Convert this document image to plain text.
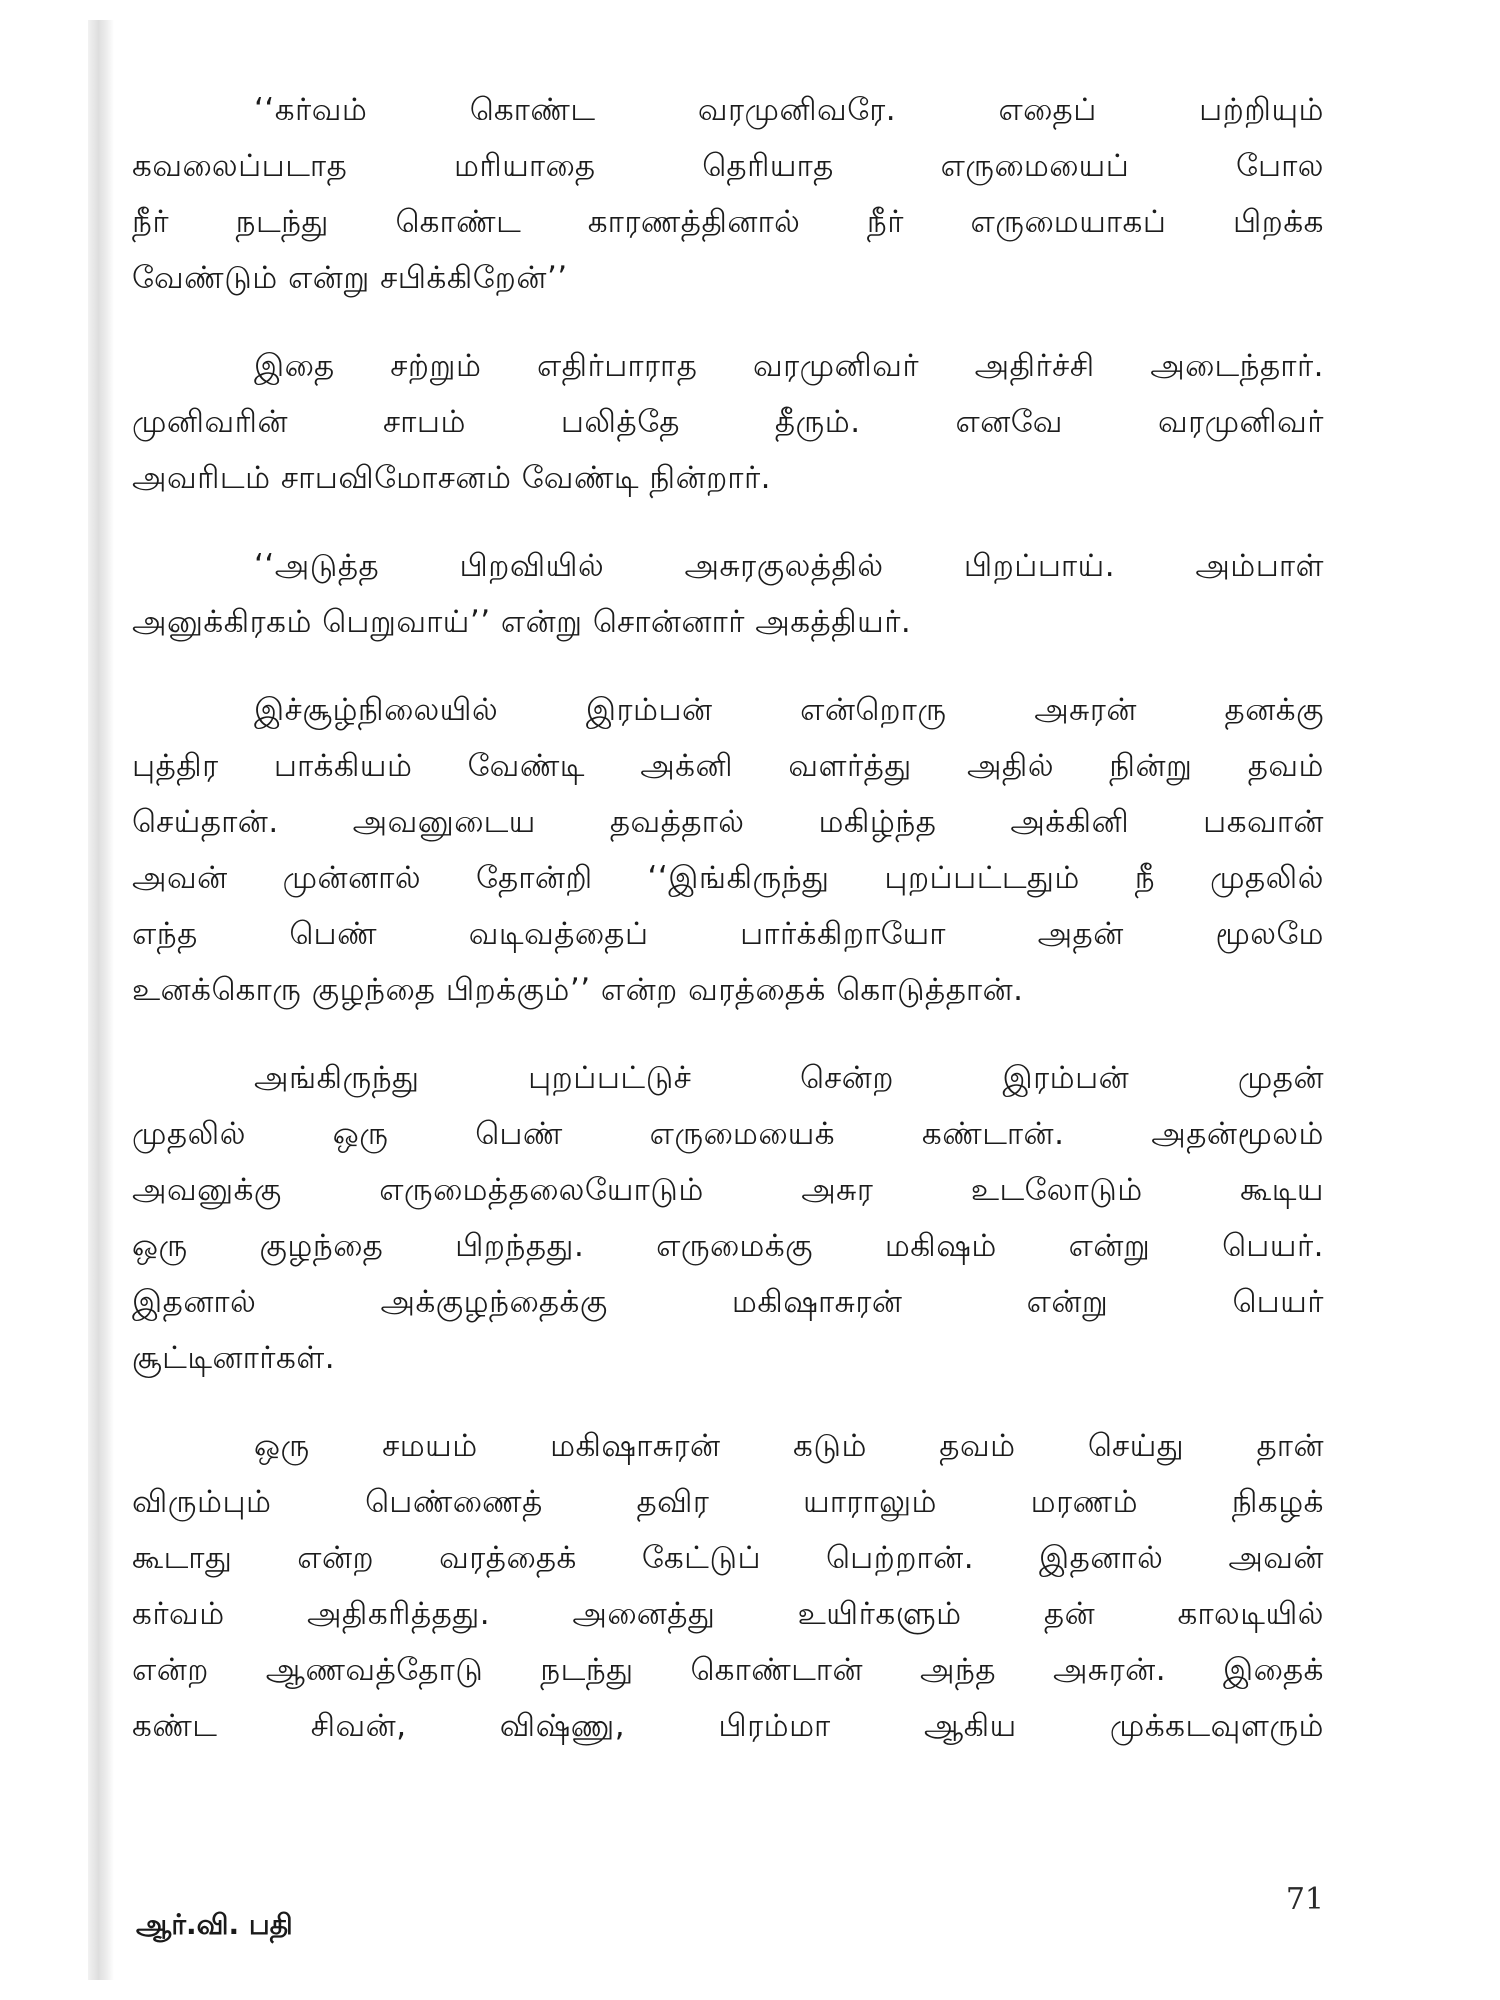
‘‘கர்வம் கொண்ட வரமுனிவரே. எதைப் பற்றியும்
கவலைப்படாத மரியாதை தெரியாத எருமையைப் போல
நீர் நடந்து கொண்ட காரணத்தினால் நீர் எருமையாகப் பிறக்க
வேண்டும் என்று சபிக்கிறேன்’’

இதை சற்றும் எதிர்பாராத வரமுனிவர் அதிர்ச்சி அடைந்தார்.
முனிவரின் சாபம் பலித்தே தீரும். எனவே வரமுனிவர்
அவரிடம் சாபவிமோசனம் வேண்டி நின்றார்.

‘‘அடுத்த பிறவியில் அசுரகுலத்தில் பிறப்பாய். அம்பாள்
அனுக்கிரகம் பெறுவாய்’’ என்று சொன்னார் அகத்தியர்.

இச்சூழ்நிலையில் இரம்பன் என்றொரு அசுரன் தனக்கு
புத்திர பாக்கியம் வேண்டி அக்னி வளர்த்து அதில் நின்று தவம்
செய்தான். அவனுடைய தவத்தால் மகிழ்ந்த அக்கினி பகவான்
அவன் முன்னால் தோன்றி ‘‘இங்கிருந்து புறப்பட்டதும் நீ முதலில்
எந்த பெண் வடிவத்தைப் பார்க்கிறாயோ அதன் மூலமே
உனக்கொரு குழந்தை பிறக்கும்’’ என்ற வரத்தைக் கொடுத்தான்.

அங்கிருந்து புறப்பட்டுச் சென்ற இரம்பன் முதன்
முதலில் ஒரு பெண் எருமையைக் கண்டான். அதன்மூலம்
அவனுக்கு எருமைத்தலையோடும் அசுர உடலோடும் கூடிய
ஒரு குழந்தை பிறந்தது. எருமைக்கு மகிஷம் என்று பெயர்.
இதனால் அக்குழந்தைக்கு மகிஷாசுரன் என்று பெயர்
சூட்டினார்கள்.

ஒரு சமயம் மகிஷாசுரன் கடும் தவம் செய்து தான்
விரும்பும் பெண்ணைத் தவிர யாராலும் மரணம் நிகழக்
கூடாது என்ற வரத்தைக் கேட்டுப் பெற்றான். இதனால் அவன்
கர்வம் அதிகரித்தது. அனைத்து உயிர்களும் தன் காலடியில்
என்ற ஆணவத்தோடு நடந்து கொண்டான் அந்த அசுரன். இதைக்
கண்ட சிவன், விஷ்ணு, பிரம்மா ஆகிய முக்கடவுளரும்

71
ஆர்.வி. பதி
